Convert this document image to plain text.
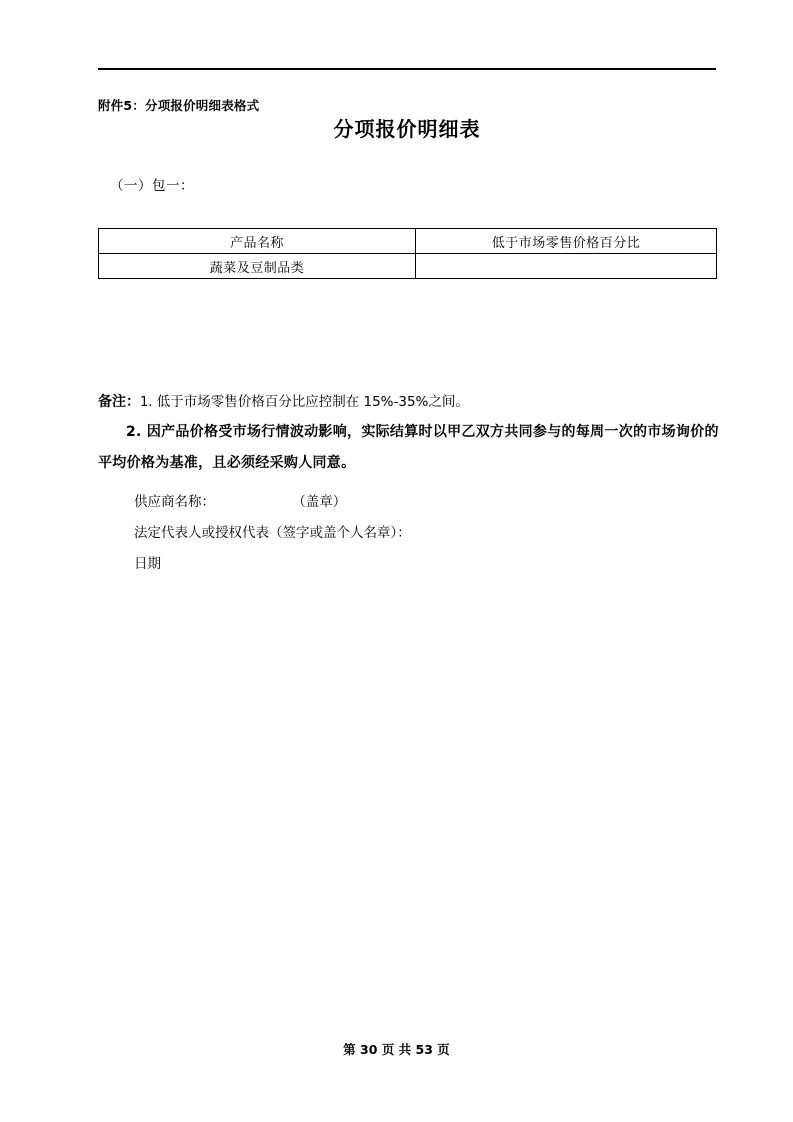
附件5：分项报价明细表格式
分项报价明细表
（一）包一：
产品名称	低于市场零售价格百分比
蔬菜及豆制品类	
备注：1. 低于市场零售价格百分比应控制在 15%-35%之间。
2. 因产品价格受市场行情波动影响，实际结算时以甲乙双方共同参与的每周一次的市场询价的平均价格为基准，且必须经采购人同意。
供应商名称：	（盖章）
法定代表人或授权代表（签字或盖个人名章）：
日期
第 30 页 共 53 页
